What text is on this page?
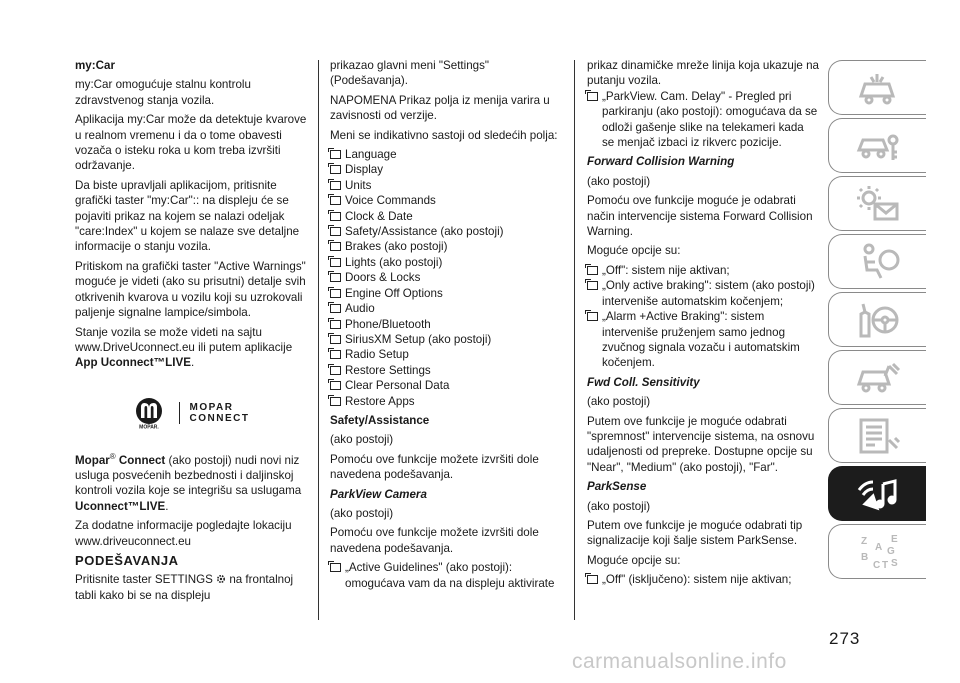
my:Car

my:Car omogućuje stalnu kontrolu zdravstvenog stanja vozila.

Aplikacija my:Car može da detektuje kvarove u realnom vremenu i da o tome obavesti vozača o isteku roka u kom treba izvršiti održavanje.

Da biste upravljali aplikacijom, pritisnite grafički taster "my:Car":: na displeju će se pojaviti prikaz na kojem se nalazi odeljak "care:Index" u kojem se nalaze sve detaljne informacije o stanju vozila.

Pritiskom na grafički taster "Active Warnings" moguće je videti (ako su prisutni) detalje svih otkrivenih kvarova u vozilu koji su uzrokovali paljenje signalne lampice/simbola.

Stanje vozila se može videti na sajtu www.DriveUconnect.eu ili putem aplikacije App Uconnect™LIVE.

MOPAR.
MOPAR
CONNECT

Mopar® Connect (ako postoji) nudi novi niz usluga posvećenih bezbednosti i daljinskoj kontroli vozila koje se integrišu sa uslugama Uconnect™LIVE.

Za dodatne informacije pogledajte lokaciju www.driveuconnect.eu

PODEŠAVANJA

Pritisnite taster SETTINGS  na frontalnoj tabli kako bi se na displeju

prikazao glavni meni "Settings" (Podešavanja).

NAPOMENA Prikaz polja iz menija varira u zavisnosti od verzije.

Meni se indikativno sastoji od sledećih polja:

Language
Display
Units
Voice Commands
Clock & Date
Safety/Assistance (ako postoji)
Brakes (ako postoji)
Lights (ako postoji)
Doors & Locks
Engine Off Options
Audio
Phone/Bluetooth
SiriusXM Setup (ako postoji)
Radio Setup
Restore Settings
Clear Personal Data
Restore Apps

Safety/Assistance

(ako postoji)

Pomoću ove funkcije možete izvršiti dole navedena podešavanja.

ParkView Camera

(ako postoji)

Pomoću ove funkcije možete izvršiti dole navedena podešavanja.

„Active Guidelines" (ako postoji): omogućava vam da na displeju aktivirate

prikaz dinamičke mreže linija koja ukazuje na putanju vozila.

„ParkView. Cam. Delay" - Pregled pri parkiranju (ako postoji): omogućava da se odloži gašenje slike na telekameri kada se menjač izbaci iz rikverc pozicije.

Forward Collision Warning

(ako postoji)

Pomoću ove funkcije moguće je odabrati način intervencije sistema Forward Collision Warning.

Moguće opcije su:

„Off": sistem nije aktivan;
„Only active braking": sistem (ako postoji) interveniše automatskim kočenjem;
„Alarm +Active Braking": sistem interveniše pruženjem samo jednog zvučnog signala vozaču i automatskim kočenjem.

Fwd Coll. Sensitivity

(ako postoji)

Putem ove funkcije je moguće odabrati "spremnost" intervencije sistema, na osnovu udaljenosti od prepreke. Dostupne opcije su "Near", "Medium" (ako postoji), "Far".

ParkSense

(ako postoji)

Putem ove funkcije je moguće odabrati tip signalizacije koji šalje sistem ParkSense.

Moguće opcije su:

„Off" (isključeno): sistem nije aktivan;
Z E
A G
B
C T S
273
carmanualsonline.info
